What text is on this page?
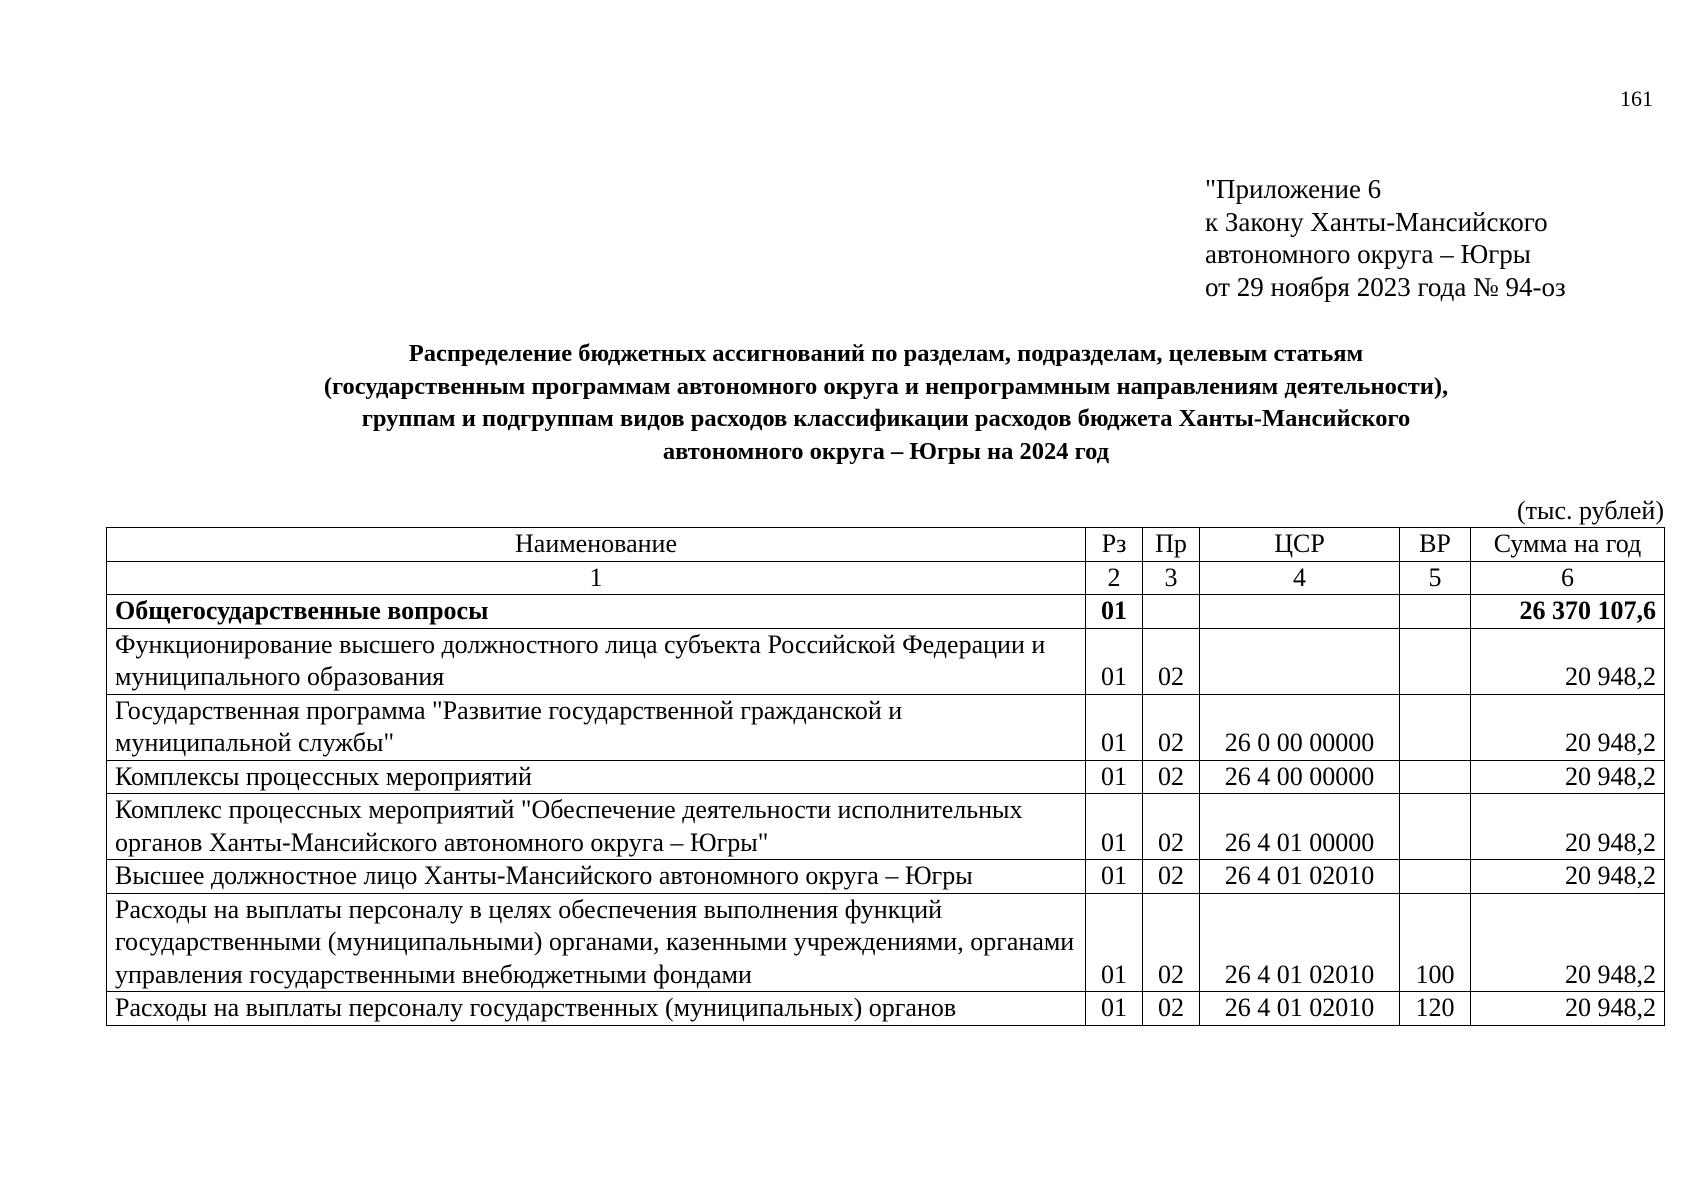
161
"Приложение 6
к Закону Ханты-Мансийского
автономного округа – Югры
от 29 ноября 2023 года № 94-оз
Распределение бюджетных ассигнований по разделам, подразделам, целевым статьям
(государственным программам автономного округа и непрограммным направлениям деятельности),
группам и подгруппам видов расходов классификации расходов бюджета Ханты-Мансийского
автономного округа – Югры на 2024 год
(тыс. рублей)
Наименование	Рз	Пр	ЦСР	ВР	Сумма на год
1	2	3	4	5	6
Общегосударственные вопросы	01				26 370 107,6
Функционирование высшего должностного лица субъекта Российской Федерации и муниципального образования	01	02			20 948,2
Государственная программа "Развитие государственной гражданской и муниципальной службы"	01	02	26 0 00 00000		20 948,2
Комплексы процессных мероприятий	01	02	26 4 00 00000		20 948,2
Комплекс процессных мероприятий "Обеспечение деятельности исполнительных органов Ханты-Мансийского автономного округа – Югры"	01	02	26 4 01 00000		20 948,2
Высшее должностное лицо Ханты-Мансийского автономного округа – Югры	01	02	26 4 01 02010		20 948,2
Расходы на выплаты персоналу в целях обеспечения выполнения функций государственными (муниципальными) органами, казенными учреждениями, органами управления государственными внебюджетными фондами	01	02	26 4 01 02010	100	20 948,2
Расходы на выплаты персоналу государственных (муниципальных) органов	01	02	26 4 01 02010	120	20 948,2
